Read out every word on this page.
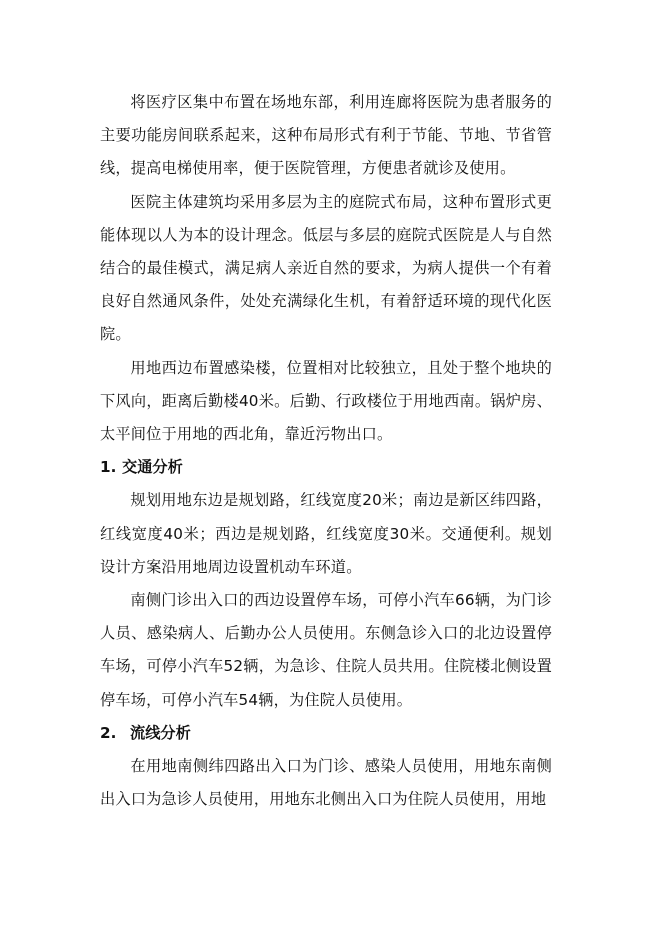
将医疗区集中布置在场地东部，利用连廊将医院为患者服务的主要功能房间联系起来，这种布局形式有利于节能、节地、节省管线，提高电梯使用率，便于医院管理，方便患者就诊及使用。

医院主体建筑均采用多层为主的庭院式布局，这种布置形式更能体现以人为本的设计理念。低层与多层的庭院式医院是人与自然结合的最佳模式，满足病人亲近自然的要求，为病人提供一个有着良好自然通风条件，处处充满绿化生机，有着舒适环境的现代化医院。

用地西边布置感染楼，位置相对比较独立，且处于整个地块的下风向，距离后勤楼40米。后勤、行政楼位于用地西南。锅炉房、太平间位于用地的西北角，靠近污物出口。

1. 交通分析

规划用地东边是规划路，红线宽度20米；南边是新区纬四路，红线宽度40米；西边是规划路，红线宽度30米。交通便利。规划设计方案沿用地周边设置机动车环道。

南侧门诊出入口的西边设置停车场，可停小汽车66辆，为门诊人员、感染病人、后勤办公人员使用。东侧急诊入口的北边设置停车场，可停小汽车52辆，为急诊、住院人员共用。住院楼北侧设置停车场，可停小汽车54辆，为住院人员使用。

2. 流线分析

在用地南侧纬四路出入口为门诊、感染人员使用，用地东南侧出入口为急诊人员使用，用地东北侧出入口为住院人员使用，用地
